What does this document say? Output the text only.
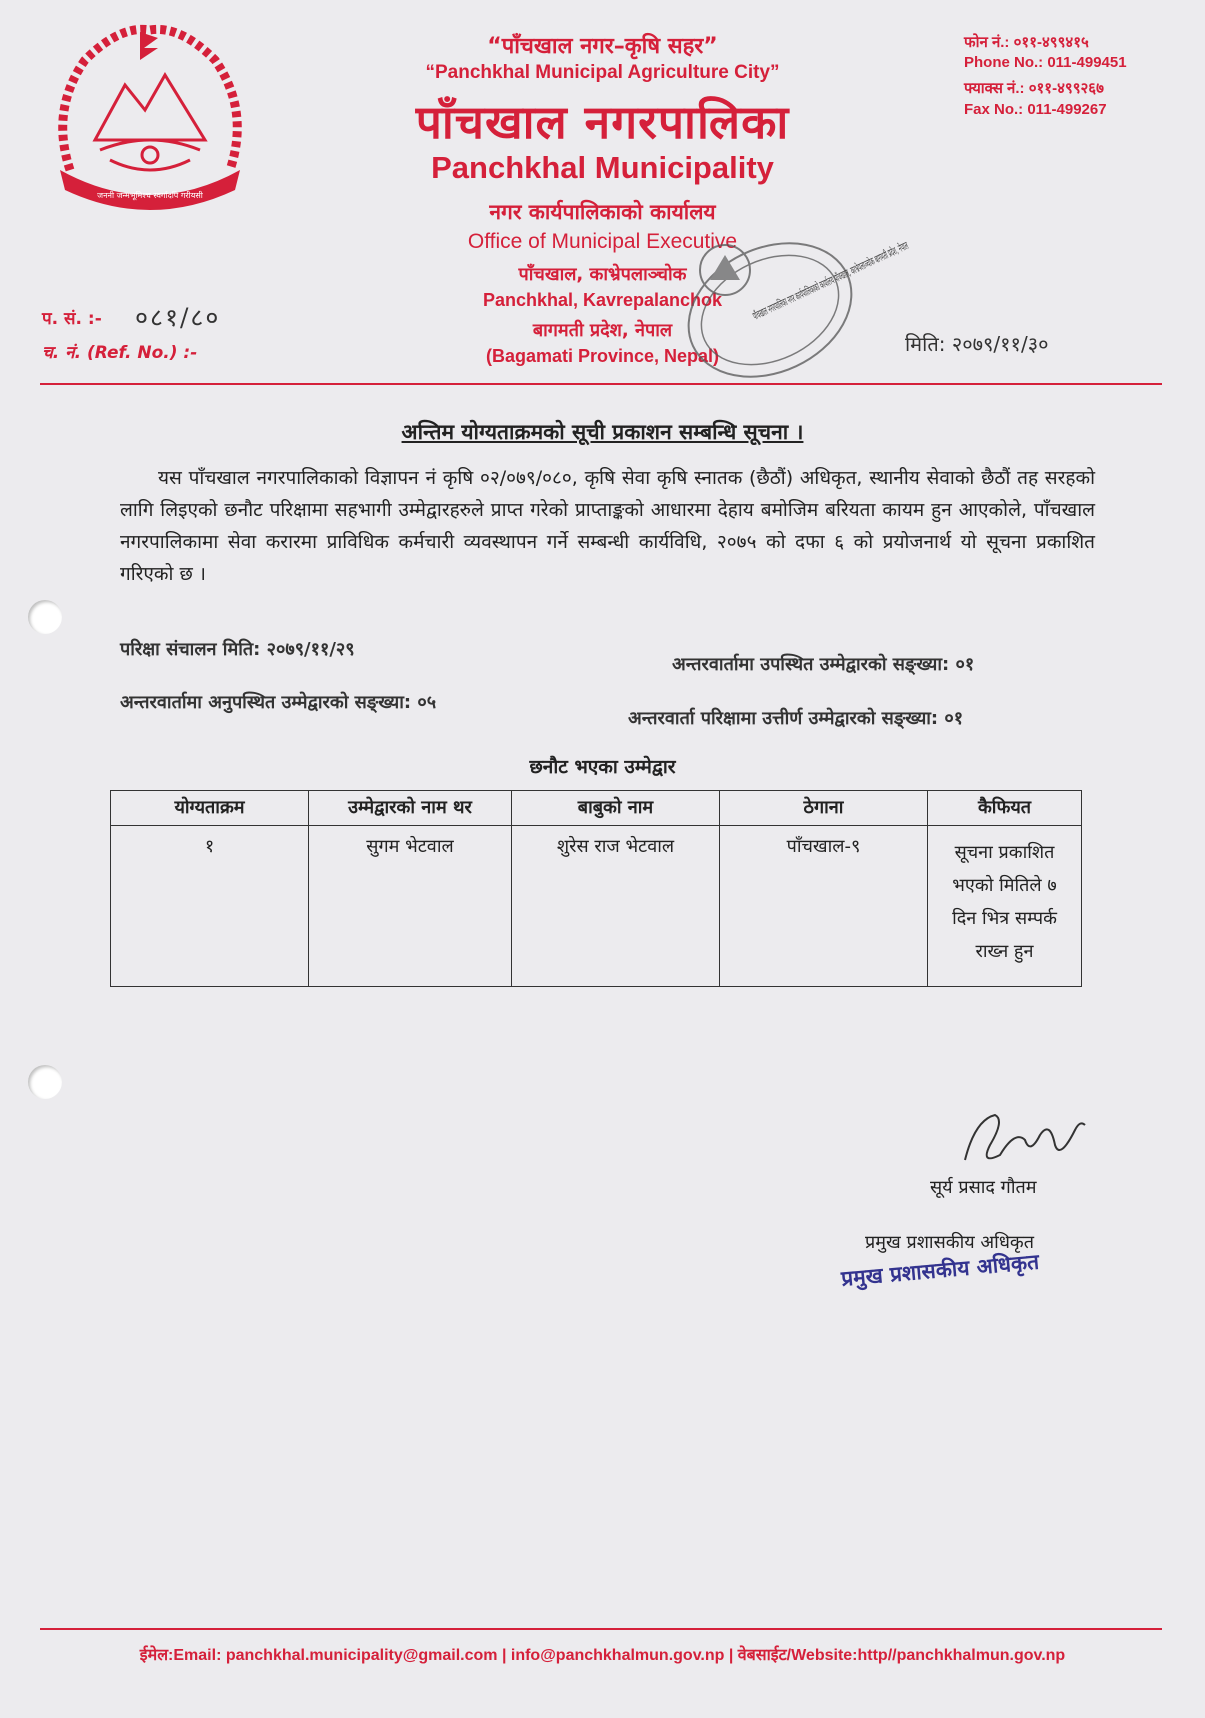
जननी जन्मभूमिश्च स्वर्गादपि गरीयसी
“पाँचखाल नगर–कृषि सहर”
“Panchkhal Municipal Agriculture City”
पाँचखाल नगरपालिका
Panchkhal Municipality
नगर कार्यपालिकाको कार्यालय
Office of Municipal Executive
पाँचखाल, काभ्रेपलाञ्चोक
Panchkhal, Kavrepalanchok
बागमती प्रदेश, नेपाल
(Bagamati Province, Nepal)
फोन नं.: ०११-४९९४१५
Phone No.: 011-499451
फ्याक्स नं.: ०११-४९९२६७
Fax No.: 011-499267
प. सं. :- ०८१/८०
च. नं. (Ref. No.) :-	मिति: २०७९/११/३०
पाँचखाल नगरपालिका नगर कार्यपालिकाको कार्यालय पाँचखाल, काभ्रेपलाञ्चोक बागमती प्रदेश, नेपाल
अन्तिम योग्यताक्रमको सूची प्रकाशन सम्बन्धि सूचना ।
यस पाँचखाल नगरपालिकाको विज्ञापन नं कृषि ०२/०७९/०८०, कृषि सेवा कृषि स्नातक (छैठौं) अधिकृत, स्थानीय सेवाको छैठौं तह सरहको लागि लिइएको छनौट परिक्षामा सहभागी उम्मेद्वारहरुले प्राप्त गरेको प्राप्ताङ्कको आधारमा देहाय बमोजिम बरियता कायम हुन आएकोले, पाँचखाल नगरपालिकामा सेवा करारमा प्राविधिक कर्मचारी व्यवस्थापन गर्ने सम्बन्धी कार्यविधि, २०७५ को दफा ६ को प्रयोजनार्थ यो सूचना प्रकाशित गरिएको छ ।
परिक्षा संचालन मिति: २०७९/११/२९
अन्तरवार्तामा उपस्थित उम्मेद्वारको सङ्ख्या: ०१
अन्तरवार्तामा अनुपस्थित उम्मेद्वारको सङ्ख्या: ०५
अन्तरवार्ता परिक्षामा उत्तीर्ण उम्मेद्वारको सङ्ख्या: ०१
छनौट भएका उम्मेद्वार
योग्यताक्रम	उम्मेद्वारको नाम थर	बाबुको नाम	ठेगाना	कैफियत
१	सुगम भेटवाल	शुरेस राज भेटवाल	पाँचखाल-९	सूचना प्रकाशित भएको मितिले ७ दिन भित्र सम्पर्क राख्न हुन
सूर्य प्रसाद गौतम
प्रमुख प्रशासकीय अधिकृत
प्रमुख प्रशासकीय अधिकृत
ईमेल:Email: panchkhal.municipality@gmail.com | info@panchkhalmun.gov.np | वेबसाईट/Website:http//panchkhalmun.gov.np
